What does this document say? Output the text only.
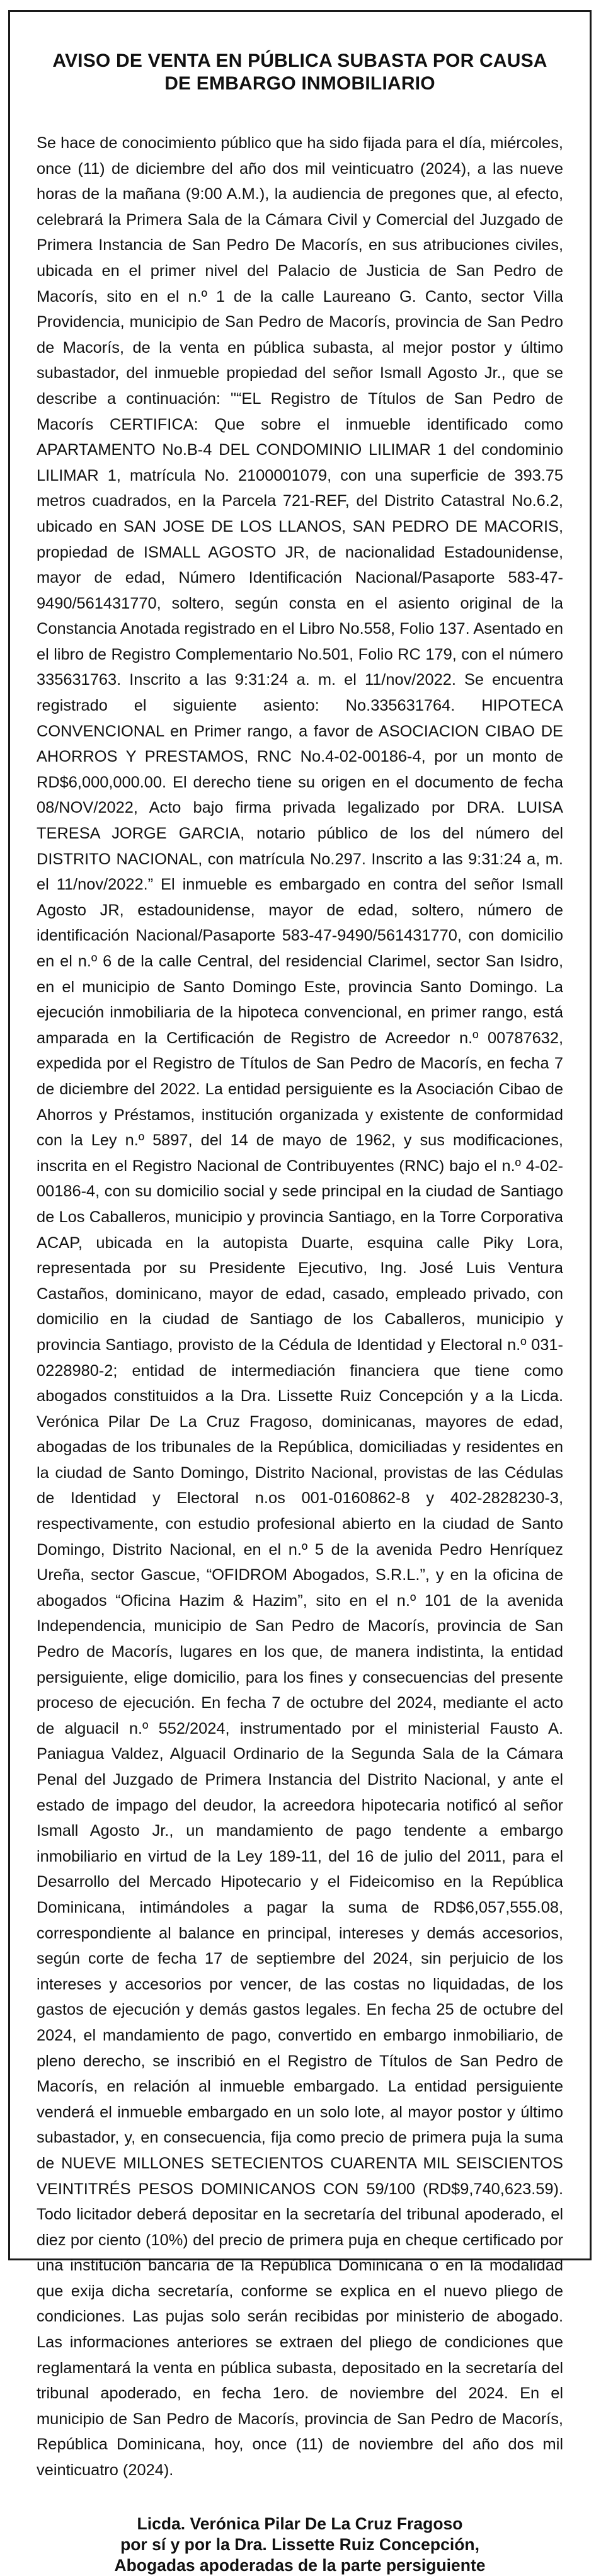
AVISO DE VENTA EN PÚBLICA SUBASTA POR CAUSA
DE EMBARGO INMOBILIARIO

Se hace de conocimiento público que ha sido fijada para el día, miércoles, once (11) de diciembre del año dos mil veinticuatro (2024), a las nueve horas de la mañana (9:00 A.M.), la audiencia de pregones que, al efecto, celebrará la Primera Sala de la Cámara Civil y Comercial del Juzgado de Primera Instancia de San Pedro De Macorís, en sus atribuciones civiles, ubicada en el primer nivel del Palacio de Justicia de San Pedro de Macorís, sito en el n.º 1 de la calle Laureano G. Canto, sector Villa Providencia, municipio de San Pedro de Macorís, provincia de San Pedro de Macorís, de la venta en pública subasta, al mejor postor y último subastador, del inmueble propiedad del señor Ismall Agosto Jr., que se describe a continuación: "“EL Registro de Títulos de San Pedro de Macorís CERTIFICA: Que sobre el inmueble identificado como APARTAMENTO No.B-4 DEL CONDOMINIO LILIMAR 1 del condominio LILIMAR 1, matrícula No. 2100001079, con una superficie de 393.75 metros cuadrados, en la Parcela 721-REF, del Distrito Catastral No.6.2, ubicado en SAN JOSE DE LOS LLANOS, SAN PEDRO DE MACORIS, propiedad de ISMALL AGOSTO JR, de nacionalidad Estadounidense, mayor de edad, Número Identificación Nacional/Pasaporte 583-47-9490/561431770, soltero, según consta en el asiento original de la Constancia Anotada registrado en el Libro No.558, Folio 137. Asentado en el libro de Registro Complementario No.501, Folio RC 179, con el número 335631763. Inscrito a las 9:31:24 a. m. el 11/nov/2022. Se encuentra registrado el siguiente asiento: No.335631764. HIPOTECA CONVENCIONAL en Primer rango, a favor de ASOCIACION CIBAO DE AHORROS Y PRESTAMOS, RNC No.4-02-00186-4, por un monto de RD$6,000,000.00. El derecho tiene su origen en el documento de fecha 08/NOV/2022, Acto bajo firma privada legalizado por DRA. LUISA TERESA JORGE GARCIA, notario público de los del número del DISTRITO NACIONAL, con matrícula No.297. Inscrito a las 9:31:24 a, m. el 11/nov/2022.” El inmueble es embargado en contra del señor Ismall Agosto JR, estadounidense, mayor de edad, soltero, número de identificación Nacional/Pasaporte 583-47-9490/561431770, con domicilio en el n.º 6 de la calle Central, del residencial Clarimel, sector San Isidro, en el municipio de Santo Domingo Este, provincia Santo Domingo. La ejecución inmobiliaria de la hipoteca convencional, en primer rango, está amparada en la Certificación de Registro de Acreedor n.º 00787632, expedida por el Registro de Títulos de San Pedro de Macorís, en fecha 7 de diciembre del 2022. La entidad persiguiente es la Asociación Cibao de Ahorros y Préstamos, institución organizada y existente de conformidad con la Ley n.º 5897, del 14 de mayo de 1962, y sus modificaciones, inscrita en el Registro Nacional de Contribuyentes (RNC) bajo el n.º 4-02-00186-4, con su domicilio social y sede principal en la ciudad de Santiago de Los Caballeros, municipio y provincia Santiago, en la Torre Corporativa ACAP, ubicada en la autopista Duarte, esquina calle Piky Lora, representada por su Presidente Ejecutivo, Ing. José Luis Ventura Castaños, dominicano, mayor de edad, casado, empleado privado, con domicilio en la ciudad de Santiago de los Caballeros, municipio y provincia Santiago, provisto de la Cédula de Identidad y Electoral n.º 031-0228980-2; entidad de intermediación financiera que tiene como abogados constituidos a la Dra. Lissette Ruiz Concepción y a la Licda. Verónica Pilar De La Cruz Fragoso, dominicanas, mayores de edad, abogadas de los tribunales de la República, domiciliadas y residentes en la ciudad de Santo Domingo, Distrito Nacional, provistas de las Cédulas de Identidad y Electoral n.os 001-0160862-8 y 402-2828230-3, respectivamente, con estudio profesional abierto en la ciudad de Santo Domingo, Distrito Nacional, en el n.º 5 de la avenida Pedro Henríquez Ureña, sector Gascue, “OFIDROM Abogados, S.R.L.”, y en la oficina de abogados “Oficina Hazim & Hazim”, sito en el n.º 101 de la avenida Independencia, municipio de San Pedro de Macorís, provincia de San Pedro de Macorís, lugares en los que, de manera indistinta, la entidad persiguiente, elige domicilio, para los fines y consecuencias del presente proceso de ejecución. En fecha 7 de octubre del 2024, mediante el acto de alguacil n.º 552/2024, instrumentado por el ministerial Fausto A. Paniagua Valdez, Alguacil Ordinario de la Segunda Sala de la Cámara Penal del Juzgado de Primera Instancia del Distrito Nacional, y ante el estado de impago del deudor, la acreedora hipotecaria notificó al señor Ismall Agosto Jr., un mandamiento de pago tendente a embargo inmobiliario en virtud de la Ley 189-11, del 16 de julio del 2011, para el Desarrollo del Mercado Hipotecario y el Fideicomiso en la República Dominicana, intimándoles a pagar la suma de RD$6,057,555.08, correspondiente al balance en principal, intereses y demás accesorios, según corte de fecha 17 de septiembre del 2024, sin perjuicio de los intereses y accesorios por vencer, de las costas no liquidadas, de los gastos de ejecución y demás gastos legales. En fecha 25 de octubre del 2024, el mandamiento de pago, convertido en embargo inmobiliario, de pleno derecho, se inscribió en el Registro de Títulos de San Pedro de Macorís, en relación al inmueble embargado. La entidad persiguiente venderá el inmueble embargado en un solo lote, al mayor postor y último subastador, y, en consecuencia, fija como precio de primera puja la suma de NUEVE MILLONES SETECIENTOS CUARENTA MIL SEISCIENTOS VEINTITRÉS PESOS DOMINICANOS CON 59/100 (RD$9,740,623.59). Todo licitador deberá depositar en la secretaría del tribunal apoderado, el diez por ciento (10%) del precio de primera puja en cheque certificado por una institución bancaria de la República Dominicana o en la modalidad que exija dicha secretaría, conforme se explica en el nuevo pliego de condiciones. Las pujas solo serán recibidas por ministerio de abogado. Las informaciones anteriores se extraen del pliego de condiciones que reglamentará la venta en pública subasta, depositado en la secretaría del tribunal apoderado, en fecha 1ero. de noviembre del 2024. En el municipio de San Pedro de Macorís, provincia de San Pedro de Macorís, República Dominicana, hoy, once (11) de noviembre del año dos mil veinticuatro (2024).

Licda. Verónica Pilar De La Cruz Fragoso
por sí y por la Dra. Lissette Ruiz Concepción,
Abogadas apoderadas de la parte persiguiente
